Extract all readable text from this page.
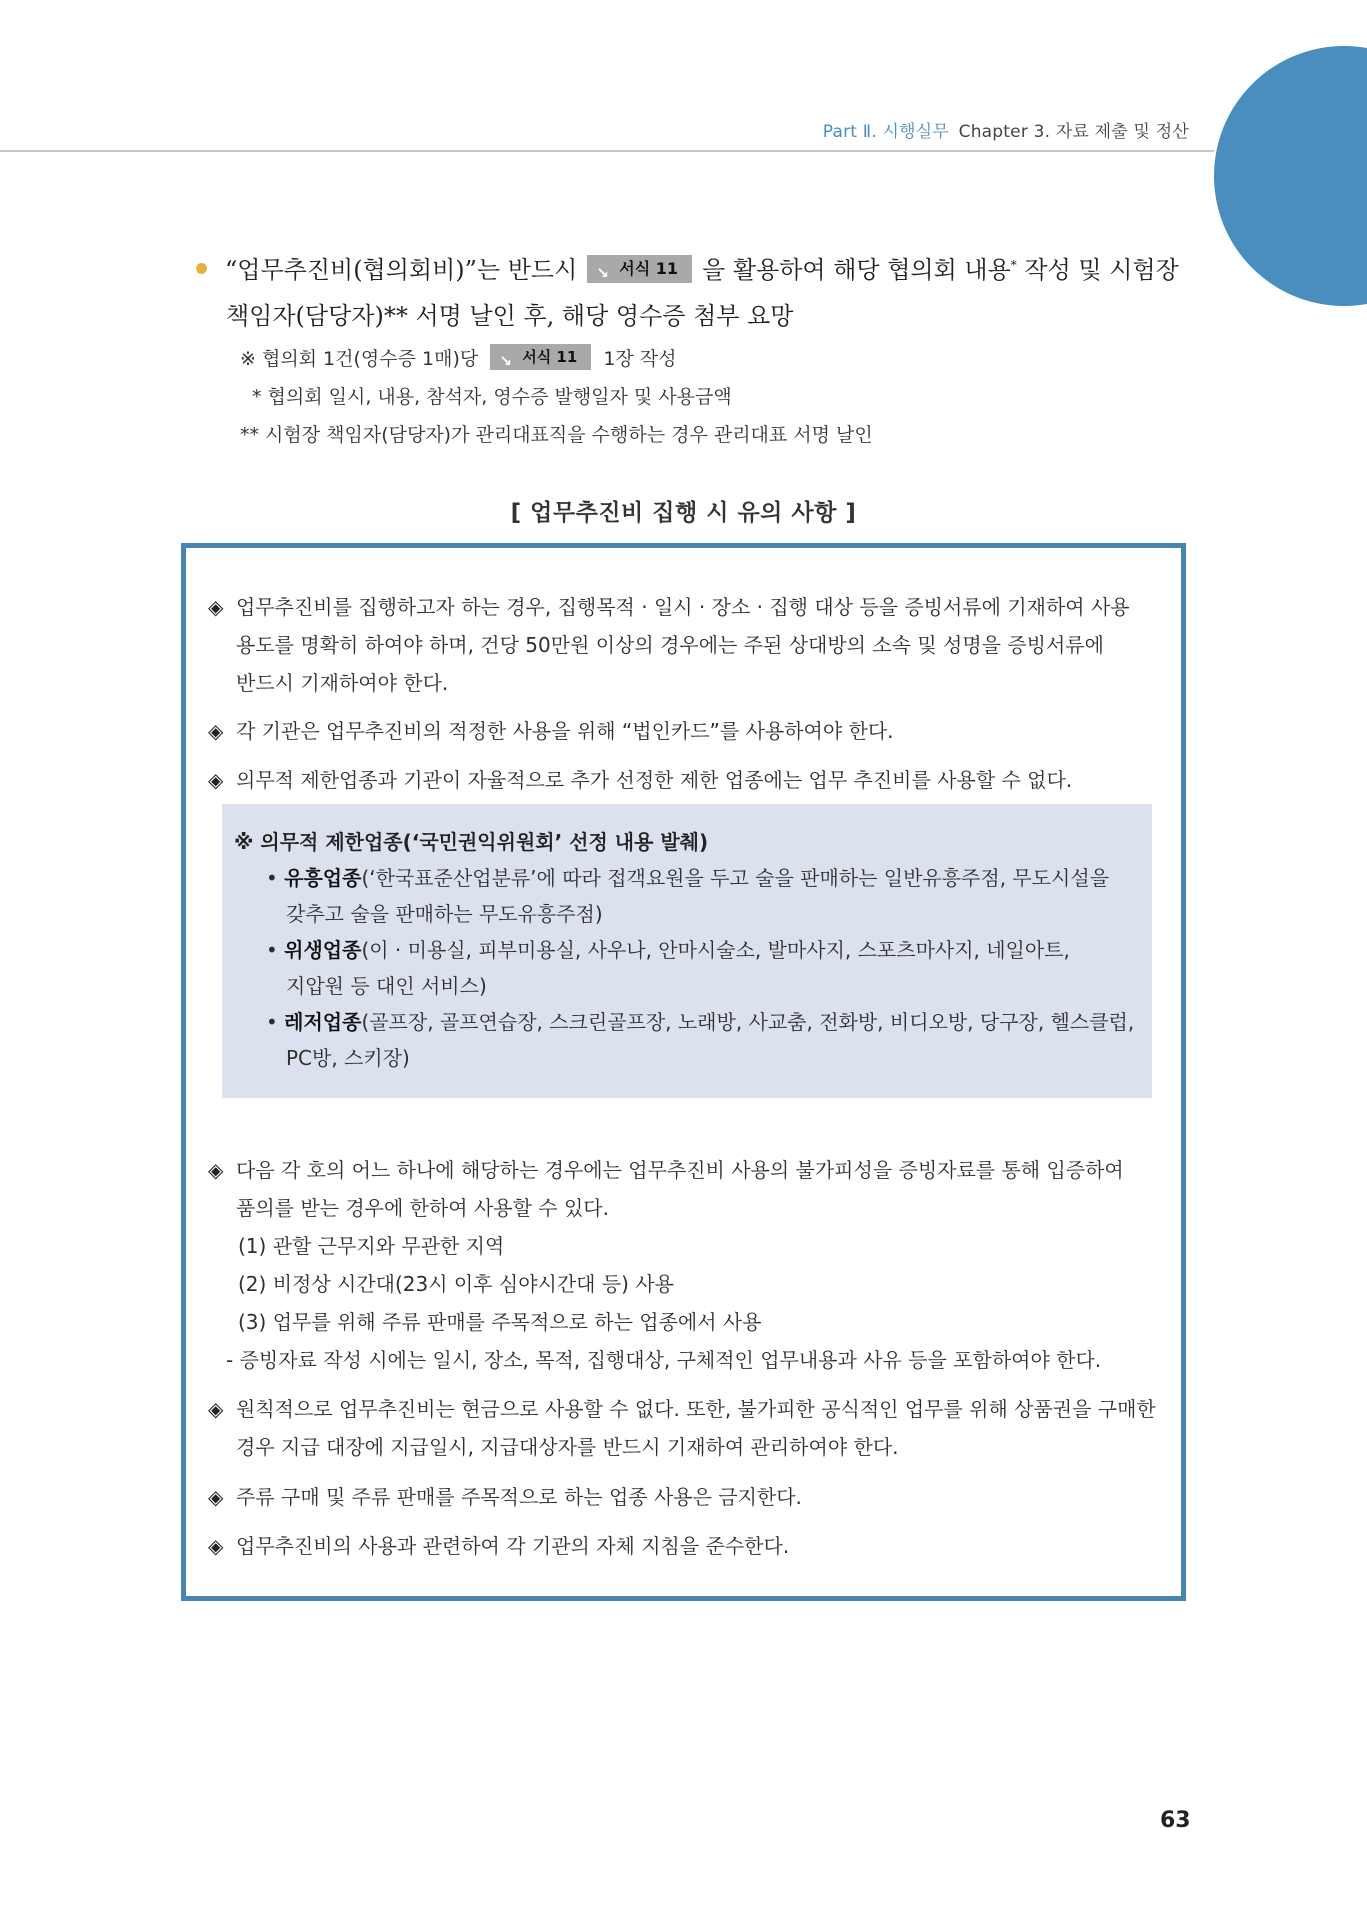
Part Ⅱ. 시행실무 Chapter 3. 자료 제출 및 정산
“업무추진비(협의회비)”는 반드시 ↘ 서식 11 을 활용하여 해당 협의회 내용* 작성 및 시험장
책임자(담당자)** 서명 날인 후, 해당 영수증 첨부 요망
※ 협의회 1건(영수증 1매)당 ↘ 서식 11 1장 작성
* 협의회 일시, 내용, 참석자, 영수증 발행일자 및 사용금액
** 시험장 책임자(담당자)가 관리대표직을 수행하는 경우 관리대표 서명 날인
[ 업무추진비 집행 시 유의 사항 ]
◈ 업무추진비를 집행하고자 하는 경우, 집행목적 · 일시 · 장소 · 집행 대상 등을 증빙서류에 기재하여 사용
용도를 명확히 하여야 하며, 건당 50만원 이상의 경우에는 주된 상대방의 소속 및 성명을 증빙서류에
반드시 기재하여야 한다.
◈ 각 기관은 업무추진비의 적정한 사용을 위해 “법인카드”를 사용하여야 한다.
◈ 의무적 제한업종과 기관이 자율적으로 추가 선정한 제한 업종에는 업무 추진비를 사용할 수 없다.
※ 의무적 제한업종(‘국민권익위원회’ 선정 내용 발췌)
• 유흥업종(‘한국표준산업분류’에 따라 접객요원을 두고 술을 판매하는 일반유흥주점, 무도시설을
갖추고 술을 판매하는 무도유흥주점)
• 위생업종(이 · 미용실, 피부미용실, 사우나, 안마시술소, 발마사지, 스포츠마사지, 네일아트,
지압원 등 대인 서비스)
• 레저업종(골프장, 골프연습장, 스크린골프장, 노래방, 사교춤, 전화방, 비디오방, 당구장, 헬스클럽,
PC방, 스키장)
◈ 다음 각 호의 어느 하나에 해당하는 경우에는 업무추진비 사용의 불가피성을 증빙자료를 통해 입증하여
품의를 받는 경우에 한하여 사용할 수 있다.
(1) 관할 근무지와 무관한 지역
(2) 비정상 시간대(23시 이후 심야시간대 등) 사용
(3) 업무를 위해 주류 판매를 주목적으로 하는 업종에서 사용
- 증빙자료 작성 시에는 일시, 장소, 목적, 집행대상, 구체적인 업무내용과 사유 등을 포함하여야 한다.
◈ 원칙적으로 업무추진비는 현금으로 사용할 수 없다. 또한, 불가피한 공식적인 업무를 위해 상품권을 구매한
경우 지급 대장에 지급일시, 지급대상자를 반드시 기재하여 관리하여야 한다.
◈ 주류 구매 및 주류 판매를 주목적으로 하는 업종 사용은 금지한다.
◈ 업무추진비의 사용과 관련하여 각 기관의 자체 지침을 준수한다.
63
